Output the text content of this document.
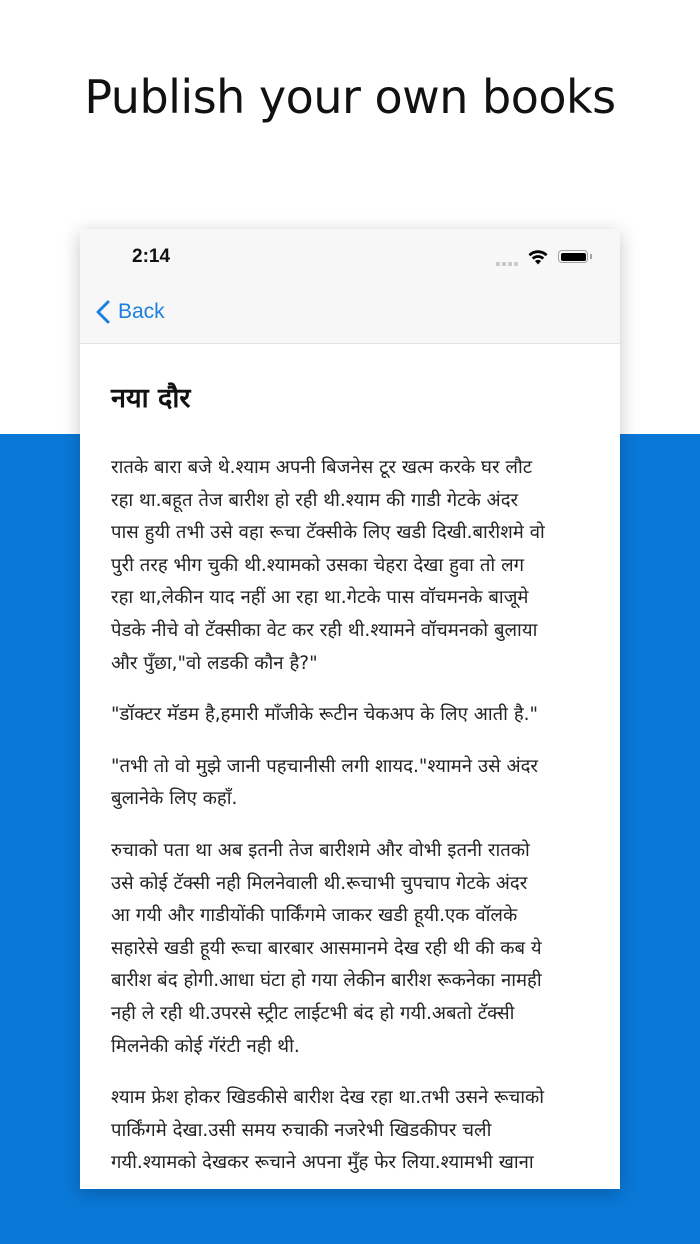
Publish your own books
2:14
Back
नया दौर

रातके बारा बजे थे.श्याम अपनी बिजनेस टूर खत्म करके घर लौट
रहा था.बहूत तेज बारीश हो रही थी.श्याम की गाडी गेटके अंदर
पास हुयी तभी उसे वहा रूचा टॅक्सीके लिए खडी दिखी.बारीशमे वो
पुरी तरह भीग चुकी थी.श्यामको उसका चेहरा देखा हुवा तो लग
रहा था,लेकीन याद नहीं आ रहा था.गेटके पास वॉचमनके बाजूमे
पेडके नीचे वो टॅक्सीका वेट कर रही थी.श्यामने वॉचमनको बुलाया
और पुँछा,"वो लडकी कौन है?"

"डॉक्टर मॅडम है,हमारी माँजीके रूटीन चेकअप के लिए आती है."

"तभी तो वो मुझे जानी पहचानीसी लगी शायद."श्यामने उसे अंदर
बुलानेके लिए कहाँ.

रुचाको पता था अब इतनी तेज बारीशमे और वोभी इतनी रातको
उसे कोई टॅक्सी नही मिलनेवाली थी.रूचाभी चुपचाप गेटके अंदर
आ गयी और गाडीयोंकी पार्किंगमे जाकर खडी हूयी.एक वॉलके
सहारेसे खडी हूयी रूचा बारबार आसमानमे देख रही थी की कब ये
बारीश बंद होगी.आधा घंटा हो गया लेकीन बारीश रूकनेका नामही
नही ले रही थी.उपरसे स्ट्रीट लाईटभी बंद हो गयी.अबतो टॅक्सी
मिलनेकी कोई गॅरंटी नही थी.

श्याम फ्रेश होकर खिडकीसे बारीश देख रहा था.तभी उसने रूचाको
पार्किंगमे देखा.उसी समय रुचाकी नजरेभी खिडकीपर चली
गयी.श्यामको देखकर रूचाने अपना मुँह फेर लिया.श्यामभी खाना
